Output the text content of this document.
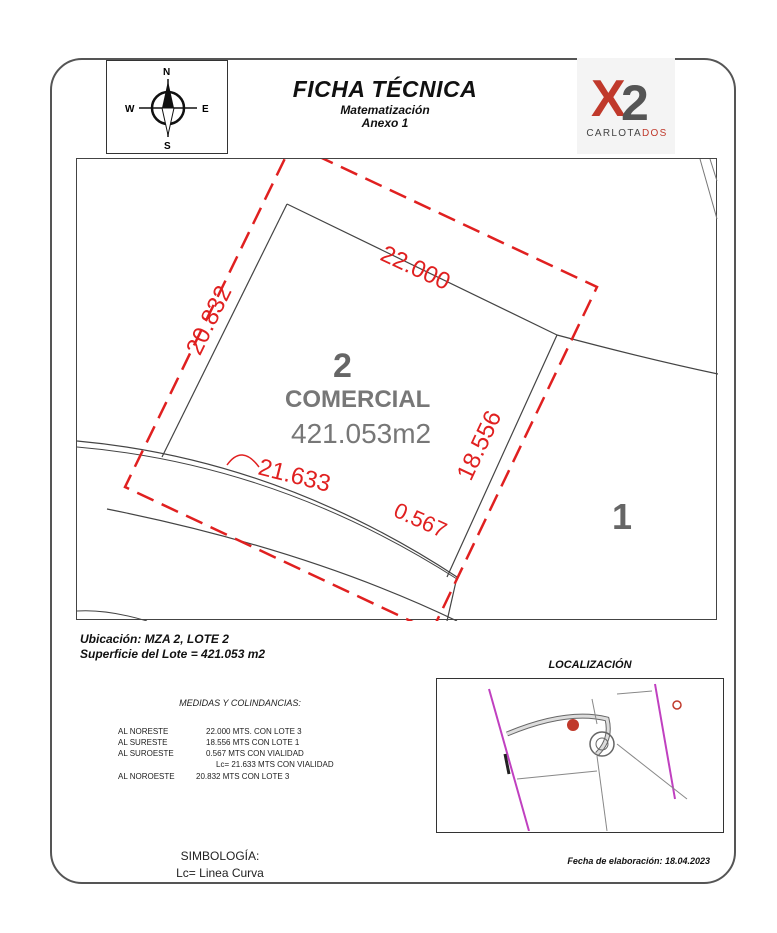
N
S
W	E
FICHA TÉCNICA
Matematización
Anexo 1	X
2
CARLOTADOS
22.000
20.832
18.556
21.633
0.567
2
COMERCIAL
421.053m2
1
Ubicación: MZA 2, LOTE 2
Superficie del Lote = 421.053 m2
MEDIDAS Y COLINDANCIAS:
AL NORESTE	22.000 MTS. CON LOTE 3
AL SURESTE	18.556 MTS CON LOTE 1
AL SUROESTE	0.567 MTS CON VIALIDAD
Lc= 21.633 MTS CON VIALIDAD
AL NOROESTE	20.832 MTS CON LOTE 3
LOCALIZACIÓN
SIMBOLOGÍA:
Lc= Linea Curva
Fecha de elaboración: 18.04.2023
